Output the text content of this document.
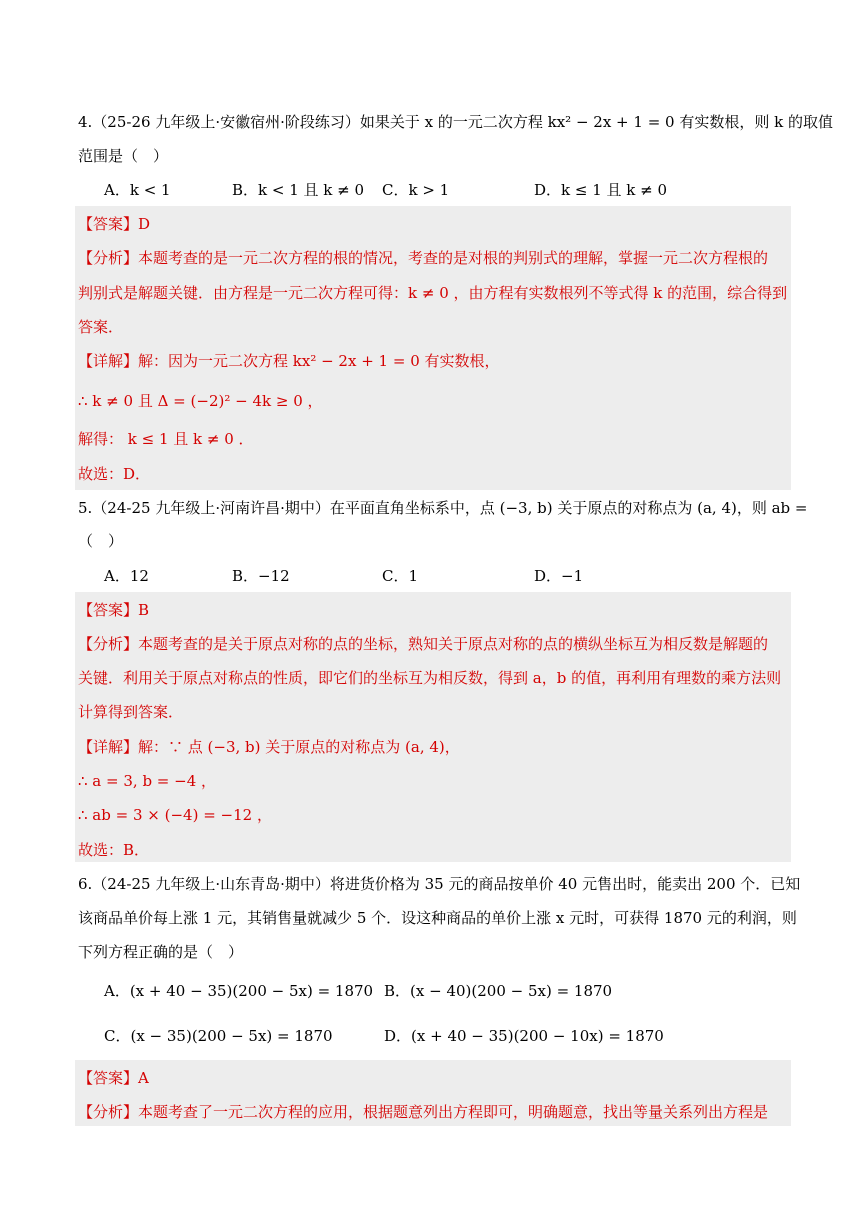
4.（25-26 九年级上·安徽宿州·阶段练习）如果关于 x 的一元二次方程 kx² − 2x + 1 = 0 有实数根，则 k 的取值
范围是（　）
A．k < 1	B．k < 1 且 k ≠ 0 C．k > 1	D．k ≤ 1 且 k ≠ 0
【答案】D
【分析】本题考查的是一元二次方程的根的情况，考查的是对根的判别式的理解，掌握一元二次方程根的
判别式是解题关键．由方程是一元二次方程可得：k ≠ 0 ，由方程有实数根列不等式得 k 的范围，综合得到
答案．
【详解】解：因为一元二次方程 kx² − 2x + 1 = 0 有实数根，
∴ k ≠ 0 且 Δ = (−2)² − 4k ≥ 0 ，
解得： k ≤ 1 且 k ≠ 0 ．
故选：D．
5.（24-25 九年级上·河南许昌·期中）在平面直角坐标系中，点 (−3, b) 关于原点的对称点为 (a, 4)，则 ab =
（　）
A．12	B．−12	C．1	D．−1
【答案】B
【分析】本题考查的是关于原点对称的点的坐标，熟知关于原点对称的点的横纵坐标互为相反数是解题的
关键．利用关于原点对称点的性质，即它们的坐标互为相反数，得到 a，b 的值，再利用有理数的乘方法则
计算得到答案．
【详解】解：∵ 点 (−3, b) 关于原点的对称点为 (a, 4)，
∴ a = 3, b = −4 ，
∴ ab = 3 × (−4) = −12 ，
故选：B．
6.（24-25 九年级上·山东青岛·期中）将进货价格为 35 元的商品按单价 40 元售出时，能卖出 200 个．已知
该商品单价每上涨 1 元，其销售量就减少 5 个．设这种商品的单价上涨 x 元时，可获得 1870 元的利润，则
下列方程正确的是（　）
A．(x + 40 − 35)(200 − 5x) = 1870 B．(x − 40)(200 − 5x) = 1870
C．(x − 35)(200 − 5x) = 1870	D．(x + 40 − 35)(200 − 10x) = 1870
【答案】A
【分析】本题考查了一元二次方程的应用，根据题意列出方程即可，明确题意，找出等量关系列出方程是
